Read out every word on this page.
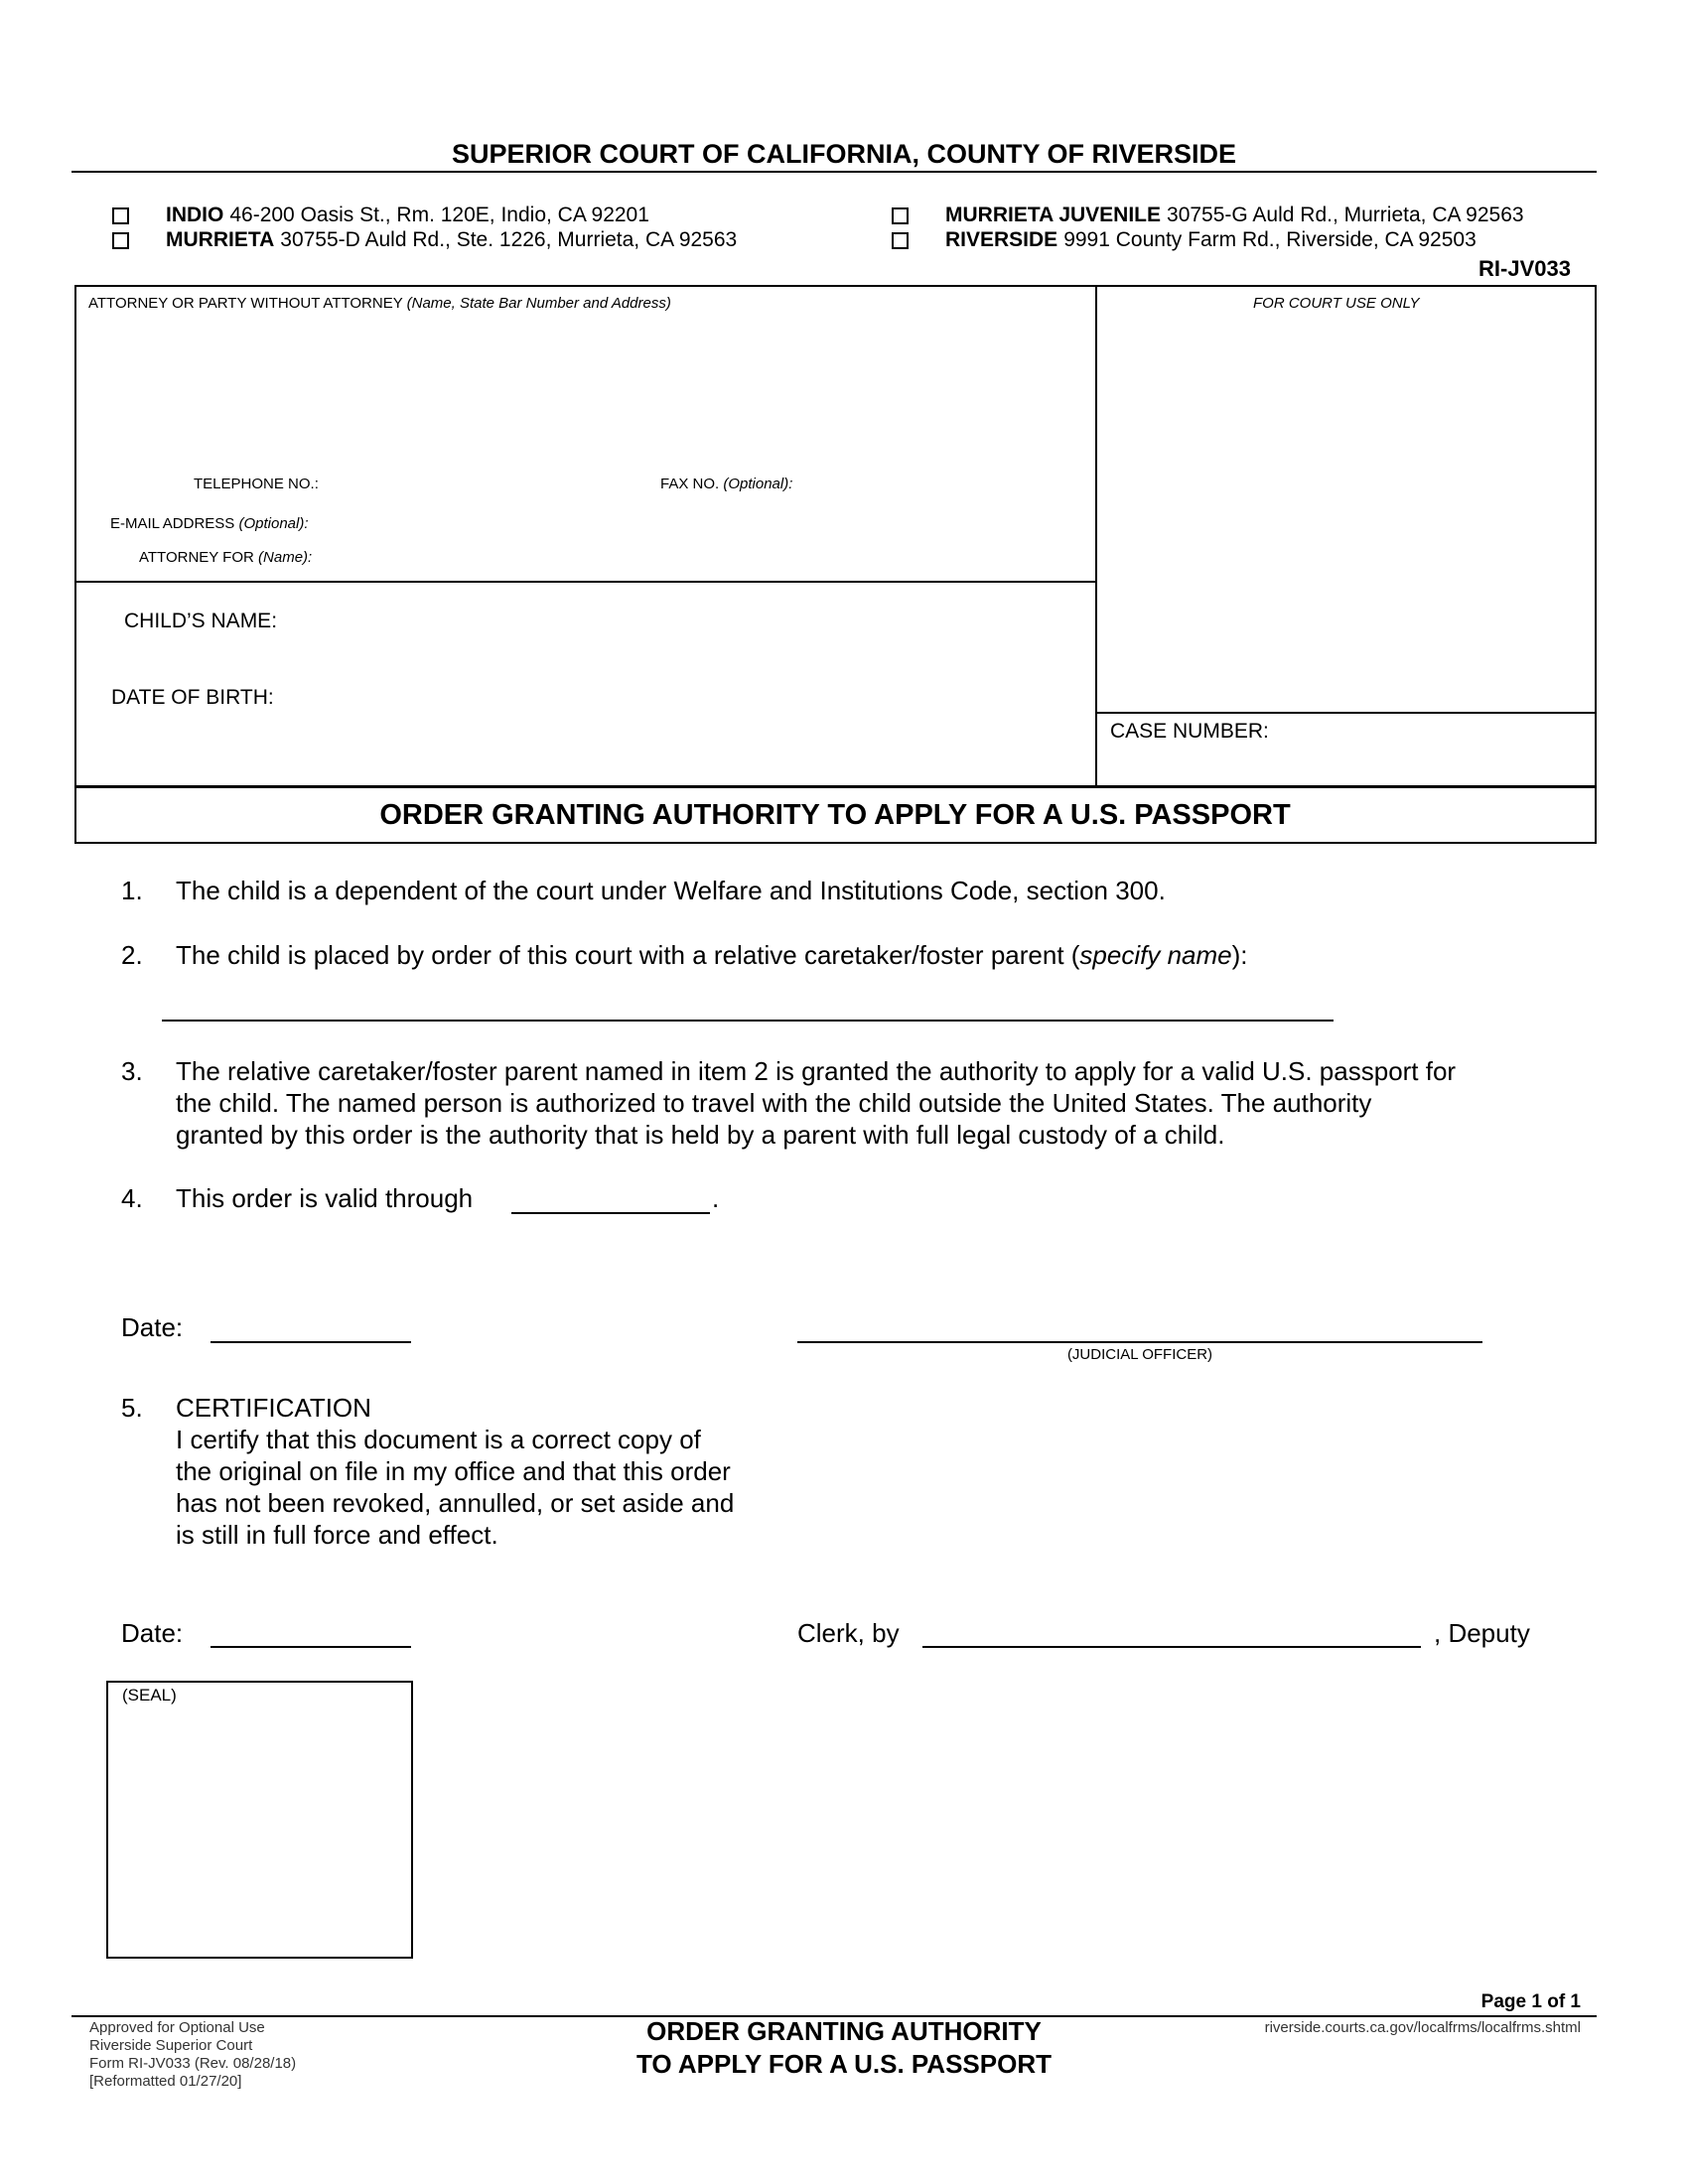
SUPERIOR COURT OF CALIFORNIA, COUNTY OF RIVERSIDE
INDIO 46-200 Oasis St., Rm. 120E, Indio, CA 92201
MURRIETA 30755-D Auld Rd., Ste. 1226, Murrieta, CA 92563
MURRIETA JUVENILE 30755-G Auld Rd., Murrieta, CA 92563
RIVERSIDE 9991 County Farm Rd., Riverside, CA 92503
RI-JV033
ATTORNEY OR PARTY WITHOUT ATTORNEY (Name, State Bar Number and Address)	FOR COURT USE ONLY
TELEPHONE NO.:	FAX NO. (Optional):
E-MAIL ADDRESS (Optional):
ATTORNEY FOR (Name):
CHILD’S NAME:
DATE OF BIRTH:
CASE NUMBER:
ORDER GRANTING AUTHORITY TO APPLY FOR A U.S. PASSPORT
1. The child is a dependent of the court under Welfare and Institutions Code, section 300.
2. The child is placed by order of this court with a relative caretaker/foster parent (specify name):
3. The relative caretaker/foster parent named in item 2 is granted the authority to apply for a valid U.S. passport for
the child. The named person is authorized to travel with the child outside the United States. The authority
granted by this order is the authority that is held by a parent with full legal custody of a child.
4. This order is valid through	.
Date:
(JUDICIAL OFFICER)
5. CERTIFICATION
I certify that this document is a correct copy of
the original on file in my office and that this order
has not been revoked, annulled, or set aside and
is still in full force and effect.
Date:	Clerk, by	, Deputy
(SEAL)
Page 1 of 1
Approved for Optional Use
Riverside Superior Court
Form RI-JV033 (Rev. 08/28/18)
[Reformatted 01/27/20]
ORDER GRANTING AUTHORITY
TO APPLY FOR A U.S. PASSPORT
riverside.courts.ca.gov/localfrms/localfrms.shtml
